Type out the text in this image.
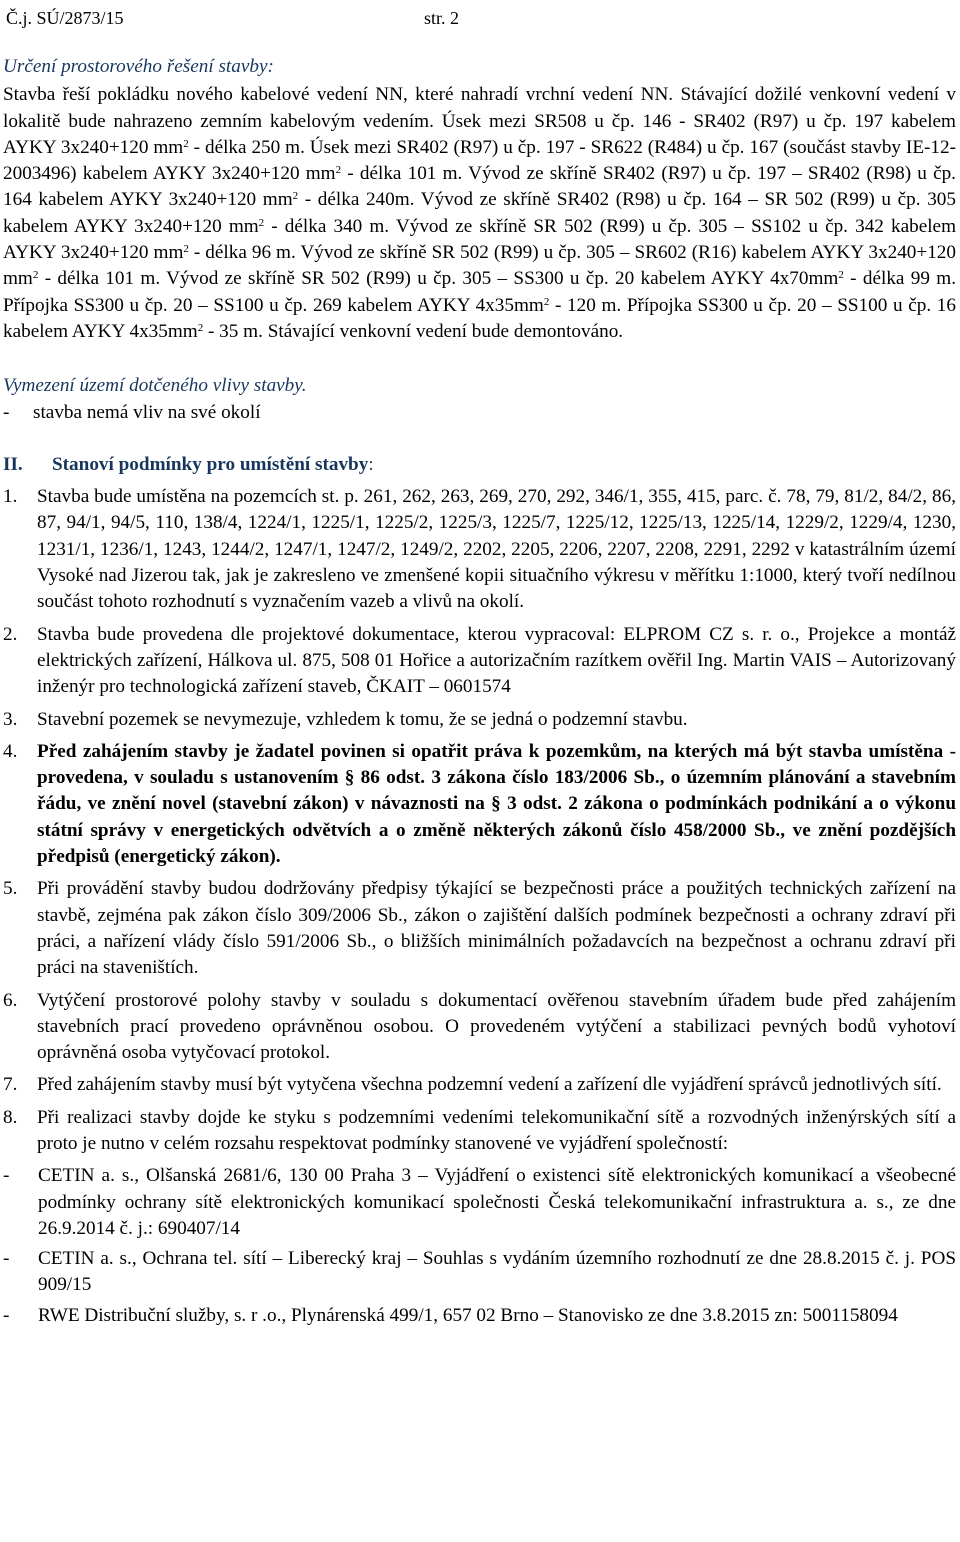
Č.j. SÚ/2873/15	str. 2

Určení prostorového řešení stavby:

Stavba řeší pokládku nového kabelové vedení NN, které nahradí vrchní vedení NN. Stávající dožilé venkovní vedení v lokalitě bude nahrazeno zemním kabelovým vedením. Úsek mezi SR508 u čp. 146 - SR402 (R97) u čp. 197 kabelem AYKY 3x240+120 $mm^2$ - délka 250 m. Úsek mezi SR402 (R97) u čp. 197 - SR622 (R484) u čp. 167 (součást stavby IE-12-2003496) kabelem AYKY 3x240+120 $mm^2$ - délka 101 m. Vývod ze skříně SR402 (R97) u čp. 197 – SR402 (R98) u čp. 164 kabelem AYKY 3x240+120 $mm^2$ - délka 240m. Vývod ze skříně SR402 (R98) u čp. 164 – SR 502 (R99) u čp. 305 kabelem AYKY 3x240+120 $mm^2$ - délka 340 m. Vývod ze skříně SR 502 (R99) u čp. 305 – SS102 u čp. 342 kabelem AYKY 3x240+120 $mm^2$ - délka 96 m. Vývod ze skříně SR 502 (R99) u čp. 305 – SR602 (R16) kabelem AYKY 3x240+120 $mm^2$ - délka 101 m. Vývod ze skříně SR 502 (R99) u čp. 305 – SS300 u čp. 20 kabelem AYKY $4x70mm^2$ - délka 99 m. Přípojka SS300 u čp. 20 – SS100 u čp. 269 kabelem AYKY $4x35mm^2 - 120$ m. Přípojka SS300 u čp. 20 – SS100 u čp. 16 kabelem AYKY $4x35mm^2 - 35$ m. Stávající venkovní vedení bude demontováno.

Vymezení území dotčeného vlivy stavby.

-	stavba nemá vliv na své okolí
II.	Stanoví podmínky pro umístění stavby:
1.	Stavba bude umístěna na pozemcích st. p. 261, 262, 263, 269, 270, 292, 346/1, 355, 415, parc. č. 78, 79, 81/2, 84/2, 86, 87, 94/1, 94/5, 110, 138/4, 1224/1, 1225/1, 1225/2, 1225/3, 1225/7, 1225/12, 1225/13, 1225/14, 1229/2, 1229/4, 1230, 1231/1, 1236/1, 1243, 1244/2, 1247/1, 1247/2, 1249/2, 2202, 2205, 2206, 2207, 2208, 2291, 2292 v katastrálním území Vysoké nad Jizerou tak, jak je zakresleno ve zmenšené kopii situačního výkresu v měřítku 1:1000, který tvoří nedílnou součást tohoto rozhodnutí s vyznačením vazeb a vlivů na okolí.
2.	Stavba bude provedena dle projektové dokumentace, kterou vypracoval: ELPROM CZ s. r. o., Projekce a montáž elektrických zařízení, Hálkova ul. 875, 508 01 Hořice a autorizačním razítkem ověřil Ing. Martin VAIS – Autorizovaný inženýr pro technologická zařízení staveb, ČKAIT – 0601574
3.	Stavební pozemek se nevymezuje, vzhledem k tomu, že se jedná o podzemní stavbu.
4.	Před zahájením stavby je žadatel povinen si opatřit práva k pozemkům, na kterých má být stavba umístěna - provedena, v souladu s ustanovením § 86 odst. 3 zákona číslo 183/2006 Sb., o územním plánování a stavebním řádu, ve znění novel (stavební zákon) v návaznosti na § 3 odst. 2 zákona o podmínkách podnikání a o výkonu státní správy v energetických odvětvích a o změně některých zákonů číslo 458/2000 Sb., ve znění pozdějších předpisů (energetický zákon).
5.	Při provádění stavby budou dodržovány předpisy týkající se bezpečnosti práce a použitých technických zařízení na stavbě, zejména pak zákon číslo 309/2006 Sb., zákon o zajištění dalších podmínek bezpečnosti a ochrany zdraví při práci, a nařízení vlády číslo 591/2006 Sb., o bližších minimálních požadavcích na bezpečnost a ochranu zdraví při práci na staveništích.
6.	Vytýčení prostorové polohy stavby v souladu s dokumentací ověřenou stavebním úřadem bude před zahájením stavebních prací provedeno oprávněnou osobou. O provedeném vytýčení a stabilizaci pevných bodů vyhotoví oprávněná osoba vytyčovací protokol.
7.	Před zahájením stavby musí být vytyčena všechna podzemní vedení a zařízení dle vyjádření správců jednotlivých sítí.
8.	Při realizaci stavby dojde ke styku s podzemními vedeními telekomunikační sítě a rozvodných inženýrských sítí a proto je nutno v celém rozsahu respektovat podmínky stanovené ve vyjádření společností:
-	CETIN a. s., Olšanská 2681/6, 130 00 Praha 3 – Vyjádření o existenci sítě elektronických komunikací a všeobecné podmínky ochrany sítě elektronických komunikací společnosti Česká telekomunikační infrastruktura a. s., ze dne 26.9.2014 č. j.: 690407/14
-	CETIN a. s., Ochrana tel. sítí – Liberecký kraj – Souhlas s vydáním územního rozhodnutí ze dne 28.8.2015 č. j. POS 909/15
-	RWE Distribuční služby, s. r .o., Plynárenská 499/1, 657 02 Brno – Stanovisko ze dne 3.8.2015 zn: 5001158094
